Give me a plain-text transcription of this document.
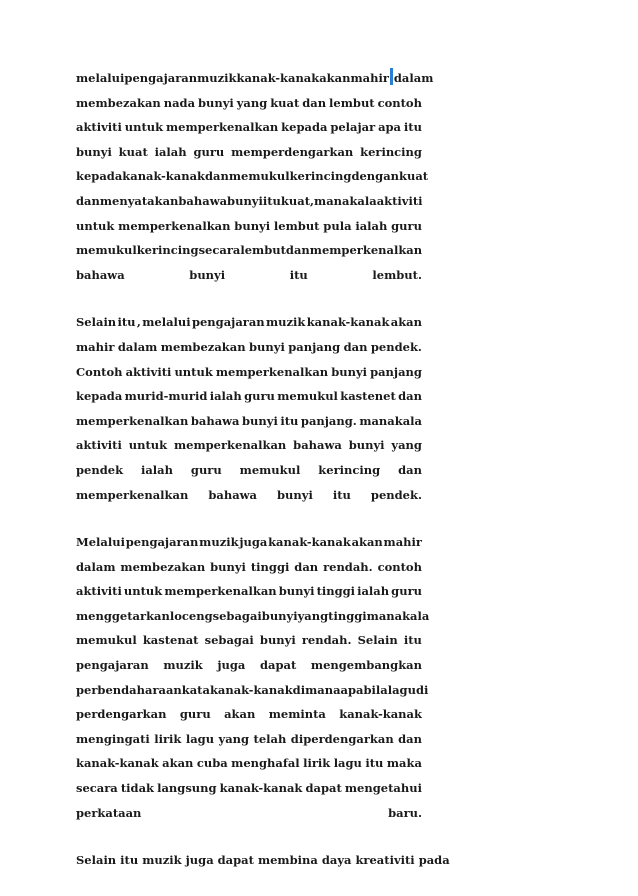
melalui pengajaran muzik kanak-kanak akan mahir dalam
membezakan nada bunyi yang kuat dan lembut contoh
aktiviti untuk memperkenalkan kepada pelajar apa itu
bunyi kuat ialah guru memperdengarkan kerincing
kepada kanak-kanak dan memukul kerincing dengan kuat
dan menyatakan bahawa bunyi itu kuat, manakala aktiviti
untuk memperkenalkan bunyi lembut pula ialah guru
memukul kerincing secara lembut dan memperkenalkan
bahawa	bunyi	itu	lembut.
Selain itu , melalui pengajaran muzik kanak-kanak akan
mahir dalam membezakan bunyi panjang dan pendek.
Contoh aktiviti untuk memperkenalkan bunyi panjang
kepada murid-murid ialah guru memukul kastenet dan
memperkenalkan bahawa bunyi itu panjang. manakala
aktiviti untuk memperkenalkan bahawa bunyi yang
pendek ialah guru memukul kerincing dan
memperkenalkan bahawa bunyi itu pendek.
Melalui pengajaran muzik juga kanak-kanak akan mahir
dalam membezakan bunyi tinggi dan rendah. contoh
aktiviti untuk memperkenalkan bunyi tinggi ialah guru
menggetarkan loceng sebagai bunyi yang tinggi manakala
memukul kastenat sebagai bunyi rendah. Selain itu
pengajaran muzik juga dapat mengembangkan
perbendaharaan kata kanak-kanak di mana apabila lagu di
perdengarkan guru akan meminta kanak-kanak
mengingati lirik lagu yang telah diperdengarkan dan
kanak-kanak akan cuba menghafal lirik lagu itu maka
secara tidak langsung kanak-kanak dapat mengetahui
perkataan	baru.
Selain itu muzik juga dapat membina daya kreativiti pada
